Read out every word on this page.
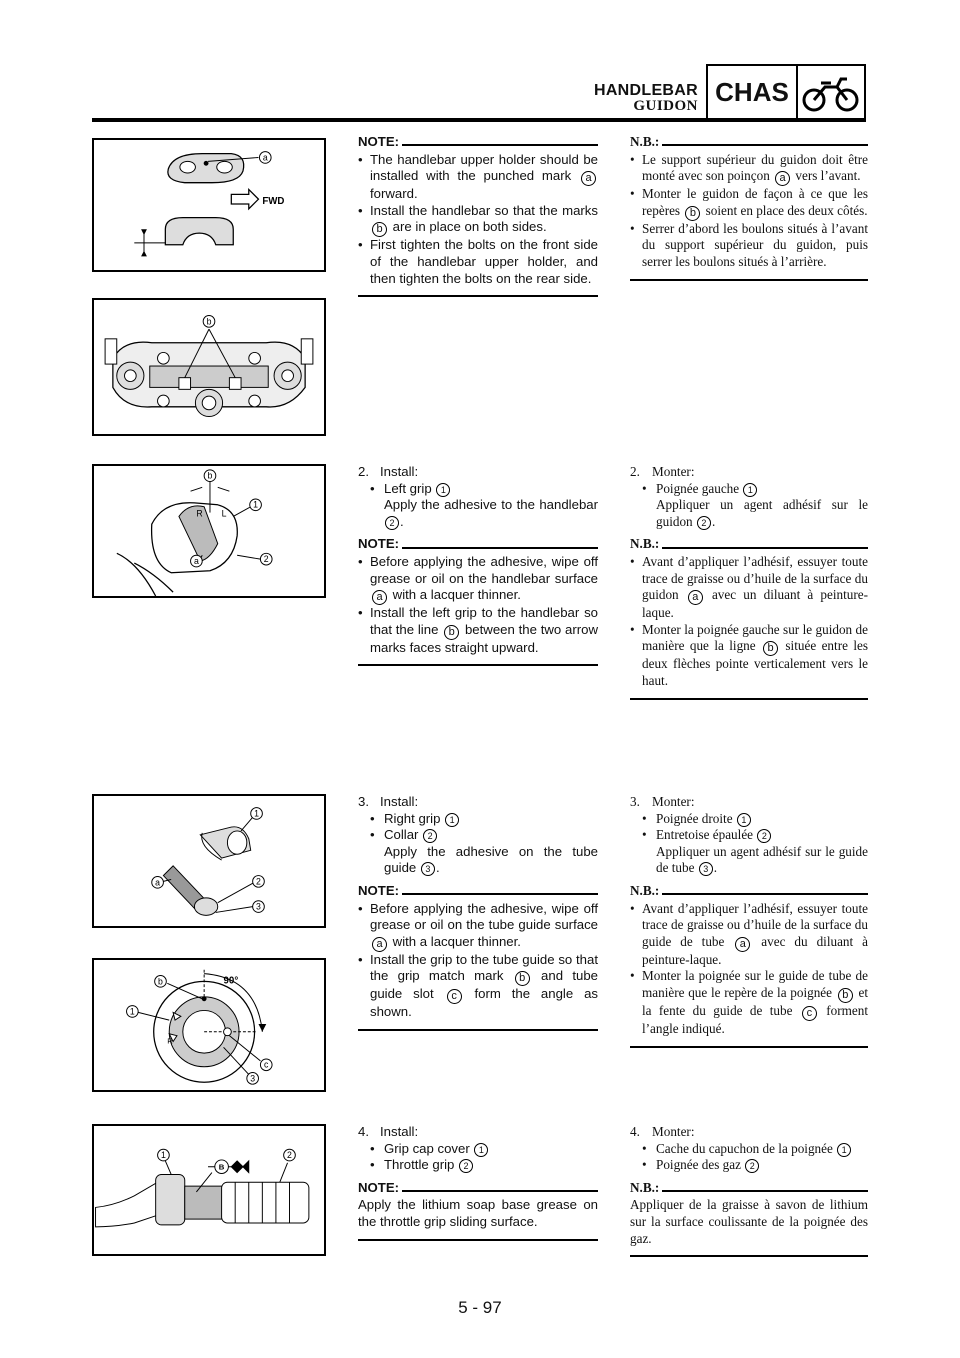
HANDLEBAR
GUIDON CHAS
a
FWD
b
b
R L
1
2
a
1
2
3
a
90°
R
b
1
c
3
B
1	2
NOTE:
• The handlebar upper holder should be installed with the punched mark a forward.
• Install the handlebar so that the marks b are in place on both sides.
• First tighten the bolts on the front side of the handlebar upper holder, and then tighten the bolts on the rear side.
2. Install:
• Left grip 1
Apply the adhesive to the handlebar 2 .
NOTE:
• Before applying the adhesive, wipe off grease or oil on the handlebar surface a with a lacquer thinner.
• Install the left grip to the handlebar so that the line b between the two arrow marks faces straight upward.
3. Install:
• Right grip 1
• Collar 2
Apply the adhesive on the tube guide 3 .
NOTE:
• Before applying the adhesive, wipe off grease or oil on the tube guide surface a with a lacquer thinner.
• Install the grip to the tube guide so that the grip match mark b and tube guide slot c form the angle as shown.
4. Install:
• Grip cap cover 1
• Throttle grip 2
NOTE:
Apply the lithium soap base grease on the throttle grip sliding surface.
N.B.:
• Le support supérieur du guidon doit être monté avec son poinçon a vers l’avant.
• Monter le guidon de façon à ce que les repères b soient en place des deux côtés.
• Serrer d’abord les boulons situés à l’avant du support supérieur du guidon, puis serrer les boulons situés à l’arrière.
2. Monter:
• Poignée gauche 1
Appliquer un agent adhésif sur le guidon 2 .
N.B.:
• Avant d’appliquer l’adhésif, essuyer toute trace de graisse ou d’huile de la surface du guidon a avec un diluant à peinture-laque.
• Monter la poignée gauche sur le guidon de manière que la ligne b située entre les deux flèches pointe verticalement vers le haut.
3. Monter:
• Poignée droite 1
• Entretoise épaulée 2
Appliquer un agent adhésif sur le guide de tube 3 .
N.B.:
• Avant d’appliquer l’adhésif, essuyer toute trace de graisse ou d’huile de la surface du guide de tube a avec du diluant à peinture-laque.
• Monter la poignée sur le guide de tube de manière que le repère de la poignée b et la fente du guide de tube c forment l’angle indiqué.
4. Monter:
• Cache du capuchon de la poignée 1
• Poignée des gaz 2
N.B.:
Appliquer de la graisse à savon de lithium sur la surface coulissante de la poignée des gaz.
5 - 97
